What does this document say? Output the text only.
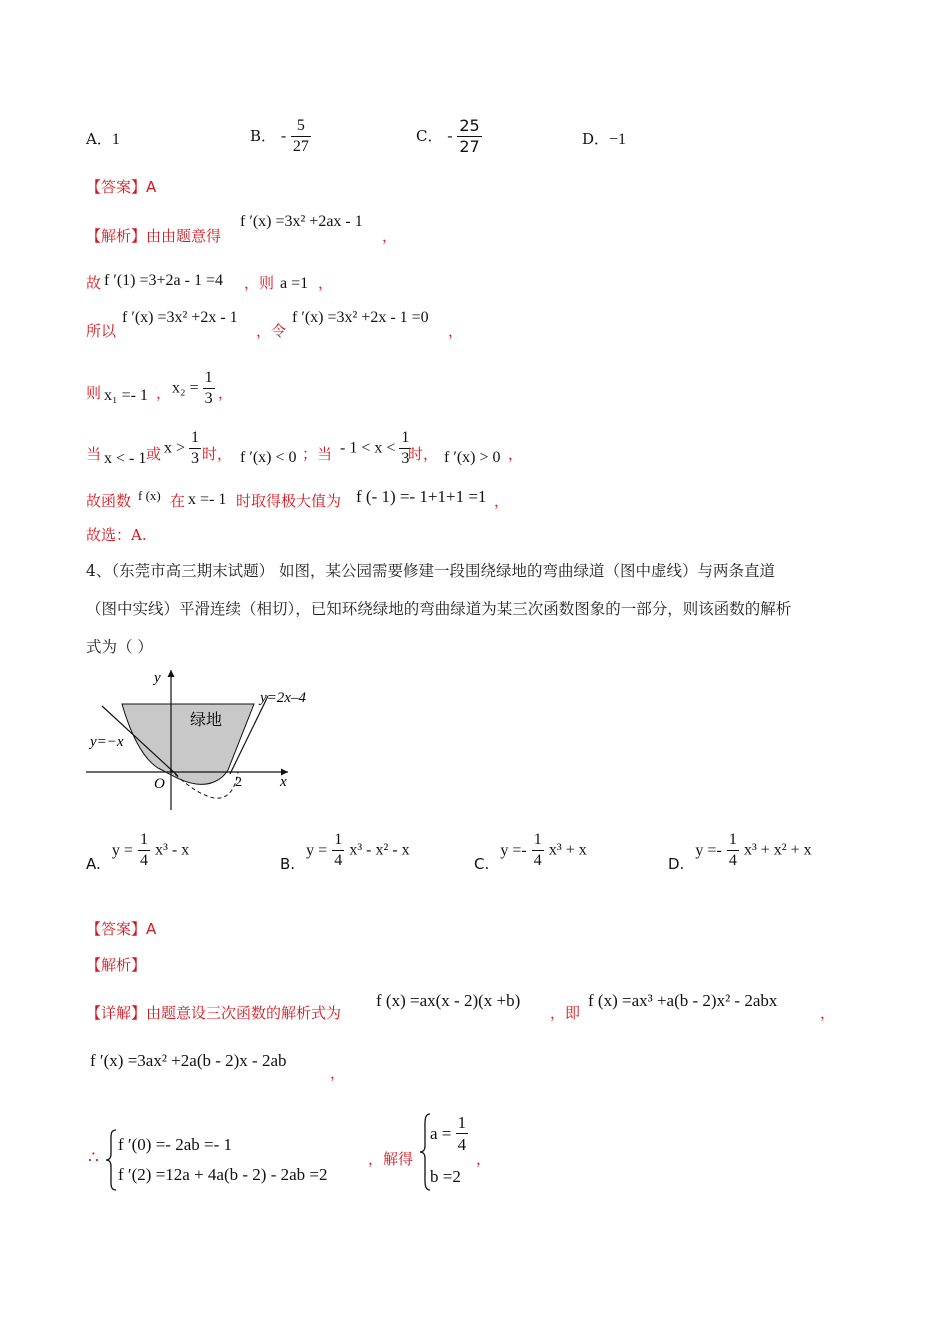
A．1	B． - $\frac{5}{27}$	C． - $\frac{25}{27}$	D．−1
【答案】A
【解析】由由题意得
f ′(x) =3x² +2ax - 1
，
故 f ′(1) =3+2a - 1 =4 ，则 a =1 ，
所以
f ′(x) =3x² +2x - 1
，令
f ′(x) =3x² +2x - 1 =0
，
则 x₁ =- 1 ， $x_2 = \frac{1}{3}$ ，
当 x < - 1 或 $x > \frac{1}{3}$ 时， f ′(x) < 0 ；当 - $1 < x < \frac{1}{3}$
时， f ′(x) > 0 ，
故函数 f (x) 在 x =- 1 时取得极大值为 f (- 1) =- 1+1+1 =1 ，
故选：A.
4、（东莞市高三期末试题） 如图，某公园需要修建一段围绕绿地的弯曲绿道（图中虚线）与两条直道
（图中实线）平滑连续（相切），已知环绕绿地的弯曲绿道为某三次函数图象的一部分，则该函数的解析
式为（ ）
y
x
O	2
y=2x–4
y=−x
绿地
A. $y = \frac{1}{4} x^3 - x$
B. $y = \frac{1}{4} x^3 - x^2 - x$
C. $y =- \frac{1}{4} x^3 + x$
D. $y =- \frac{1}{4} x^3 + x^2 + x$
【答案】A
【解析】
【详解】由题意设三次函数的解析式为
f (x) =ax(x - 2)(x +b)
，即
f (x) =ax³ +a(b - 2)x² - 2abx
，
f ′(x) =3ax² +2a(b - 2)x - 2ab
，
∴
f ′(0) =- 2ab =- 1
f ′(2) =12a + 4a(b - 2) - 2ab =2
，解得
$a = \frac{1}{4}$
b =2
，
